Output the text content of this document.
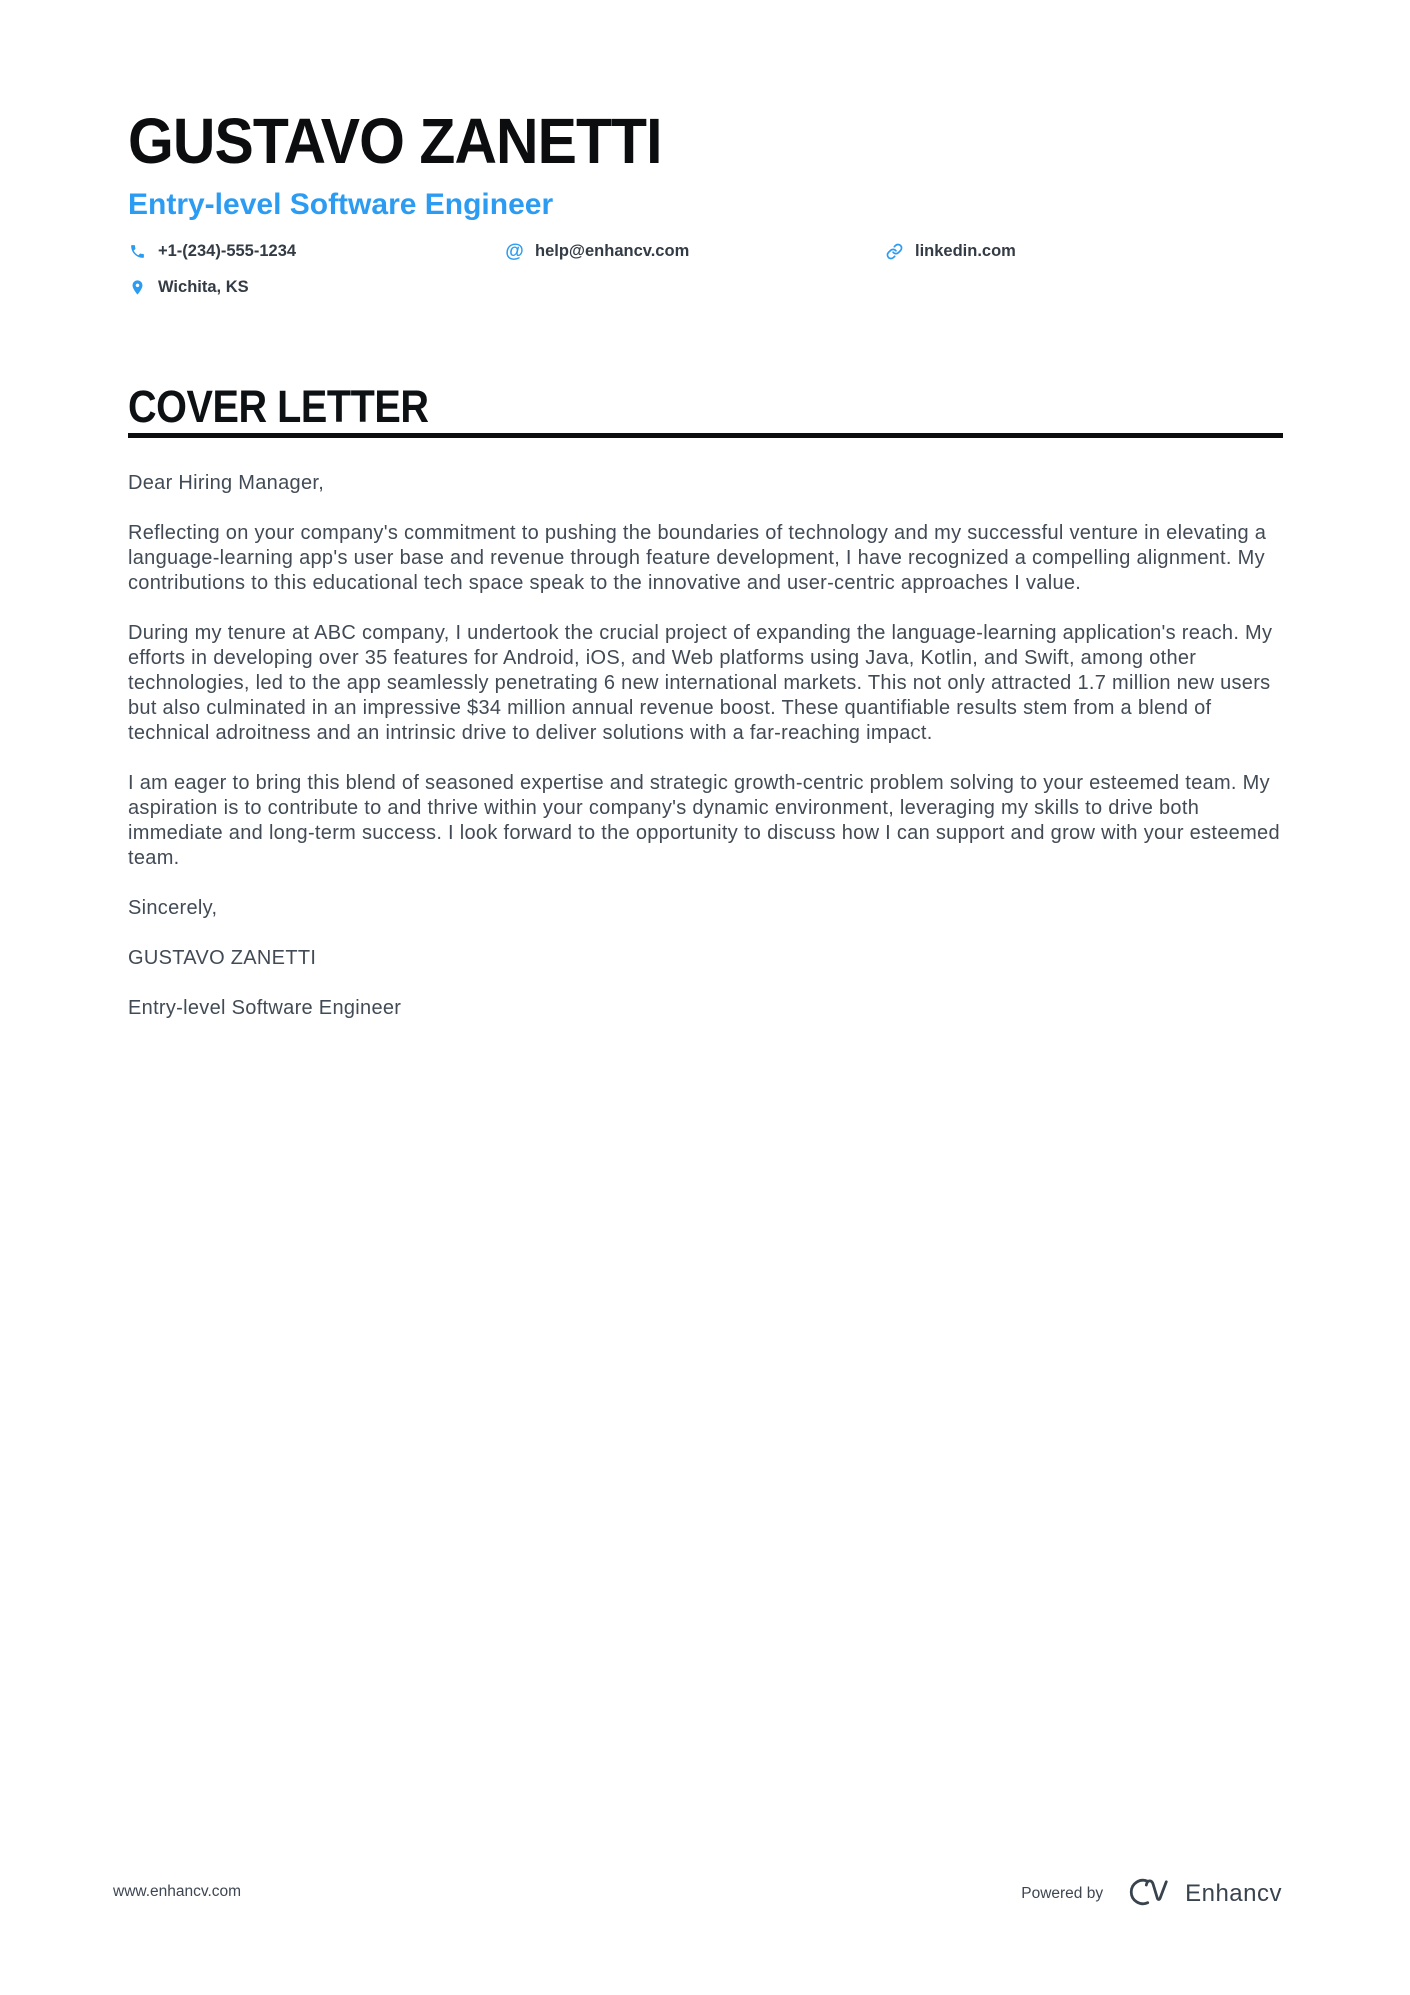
GUSTAVO ZANETTI
Entry-level Software Engineer
+1-(234)-555-1234	@ help@enhancv.com	linkedin.com
Wichita, KS
COVER LETTER

Dear Hiring Manager,

Reflecting on your company's commitment to pushing the boundaries of technology and my successful venture in elevating a language-learning app's user base and revenue through feature development, I have recognized a compelling alignment. My contributions to this educational tech space speak to the innovative and user-centric approaches I value.

During my tenure at ABC company, I undertook the crucial project of expanding the language-learning application's reach. My efforts in developing over 35 features for Android, iOS, and Web platforms using Java, Kotlin, and Swift, among other technologies, led to the app seamlessly penetrating 6 new international markets. This not only attracted 1.7 million new users but also culminated in an impressive $34 million annual revenue boost. These quantifiable results stem from a blend of technical adroitness and an intrinsic drive to deliver solutions with a far-reaching impact.

I am eager to bring this blend of seasoned expertise and strategic growth-centric problem solving to your esteemed team. My aspiration is to contribute to and thrive within your company's dynamic environment, leveraging my skills to drive both immediate and long-term success. I look forward to the opportunity to discuss how I can support and grow with your esteemed team.

Sincerely,

GUSTAVO ZANETTI

Entry-level Software Engineer

www.enhancv.com	Powered by	Enhancv
